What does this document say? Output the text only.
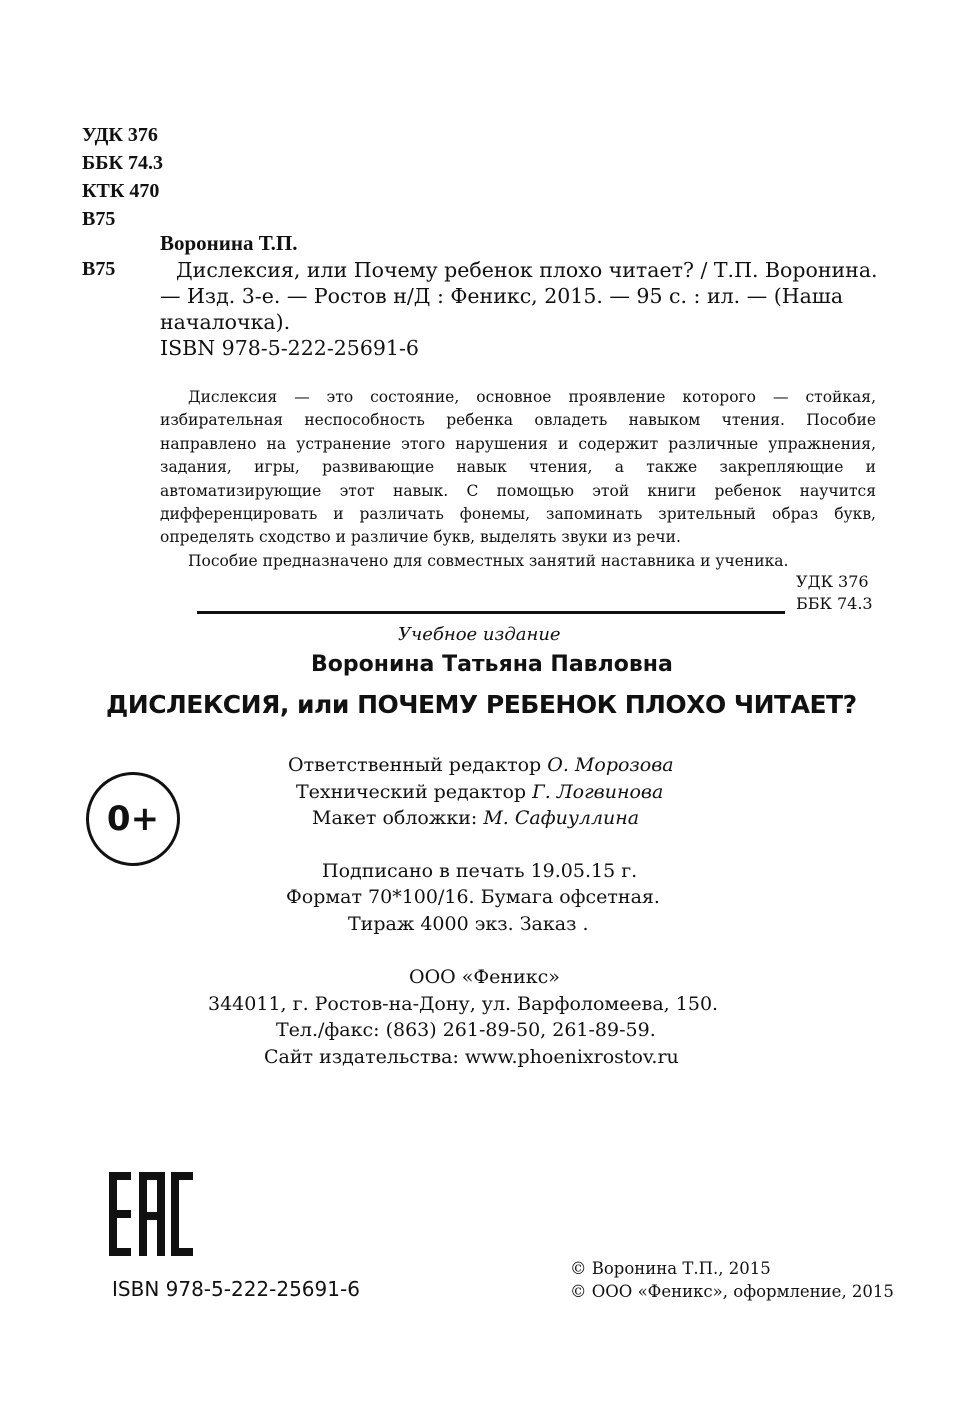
УДК 376
ББК 74.3
КТК 470
В75
Воронина Т.П.
В75	Дислексия, или Почему ребенок плохо читает? / Т.П. Воронина.
— Изд. 3-е. — Ростов н/Д : Феникс, 2015. — 95 с. : ил. — (Наша
началочка).
ISBN 978-5-222-25691-6

Дислексия — это состояние, основное проявление которого — стойкая, избирательная неспособность ребенка овладеть навыком чтения. Пособие направлено на устранение этого нарушения и содержит различные упражнения, задания, игры, развивающие навык чтения, а также закрепляющие и автоматизирующие этот навык. С помощью этой книги ребенок научится дифференцировать и различать фонемы, запоминать зрительный образ букв, определять сходство и различие букв, выделять звуки из речи.

Пособие предназначено для совместных занятий наставника и ученика.

УДК 376
ББК 74.3
Учебное издание
Воронина Татьяна Павловна
ДИСЛЕКСИЯ, или ПОЧЕМУ РЕБЕНОК ПЛОХО ЧИТАЕТ?
0+
Ответственный редактор О. Морозова
Технический редактор Г. Логвинова
Макет обложки: М. Сафиуллина
Подписано в печать 19.05.15 г.
Формат 70*100/16. Бумага офсетная.
Тираж 4000 экз. Заказ .
ООО «Феникс»
344011, г. Ростов-на-Дону, ул. Варфоломеева, 150.
Тел./факс: (863) 261-89-50, 261-89-59.
Сайт издательства: www.phoenixrostov.ru
ISBN 978-5-222-25691-6
© Воронина Т.П., 2015
© ООО «Феникс», оформление, 2015
